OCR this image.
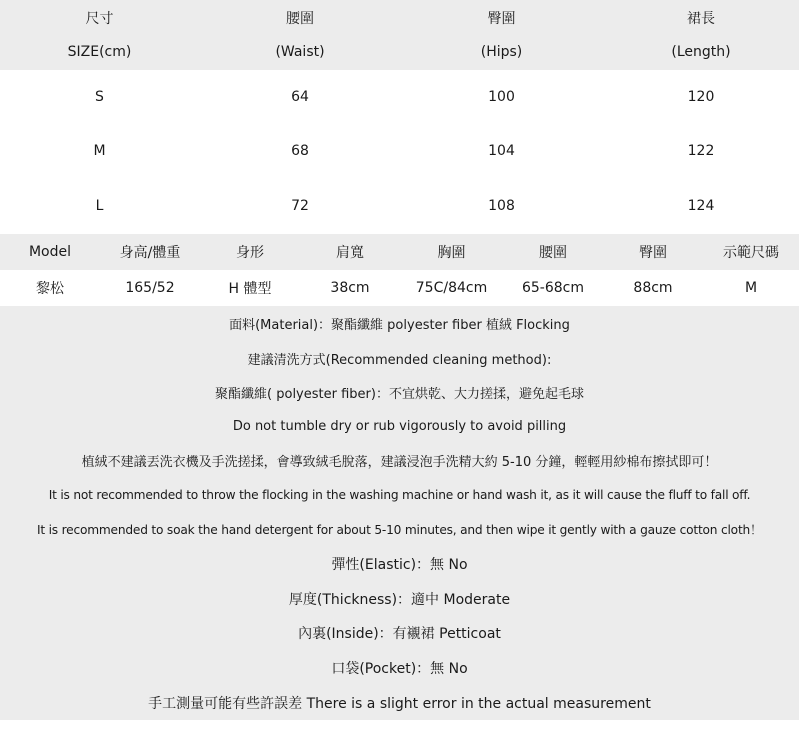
尺寸	腰圍	臀圍	裙長
SIZE(cm)	(Waist)	(Hips)	(Length)
S	64	100	120
M	68	104	122
L	72	108	124
Model	身高/體重	身形	肩寬	胸圍	腰圍	臀圍	示範尺碼
黎松	165/52	H 體型	38cm	75C/84cm	65-68cm	88cm	M
面料(Material)：聚酯纖維 polyester fiber 植絨 Flocking
建議清洗方式(Recommended cleaning method):
聚酯纖維( polyester fiber)：不宜烘乾、大力搓揉，避免起毛球
Do not tumble dry or rub vigorously to avoid pilling
植絨不建議丟洗衣機及手洗搓揉，會導致絨毛脫落，建議浸泡手洗精大約 5-10 分鐘，輕輕用紗棉布擦拭即可！
It is not recommended to throw the flocking in the washing machine or hand wash it, as it will cause the fluff to fall off.
It is recommended to soak the hand detergent for about 5-10 minutes, and then wipe it gently with a gauze cotton cloth！
彈性(Elastic)：無 No
厚度(Thickness)：適中 Moderate
內裏(Inside)：有襯裙 Petticoat
口袋(Pocket)：無 No
手工測量可能有些許誤差 There is a slight error in the actual measurement
